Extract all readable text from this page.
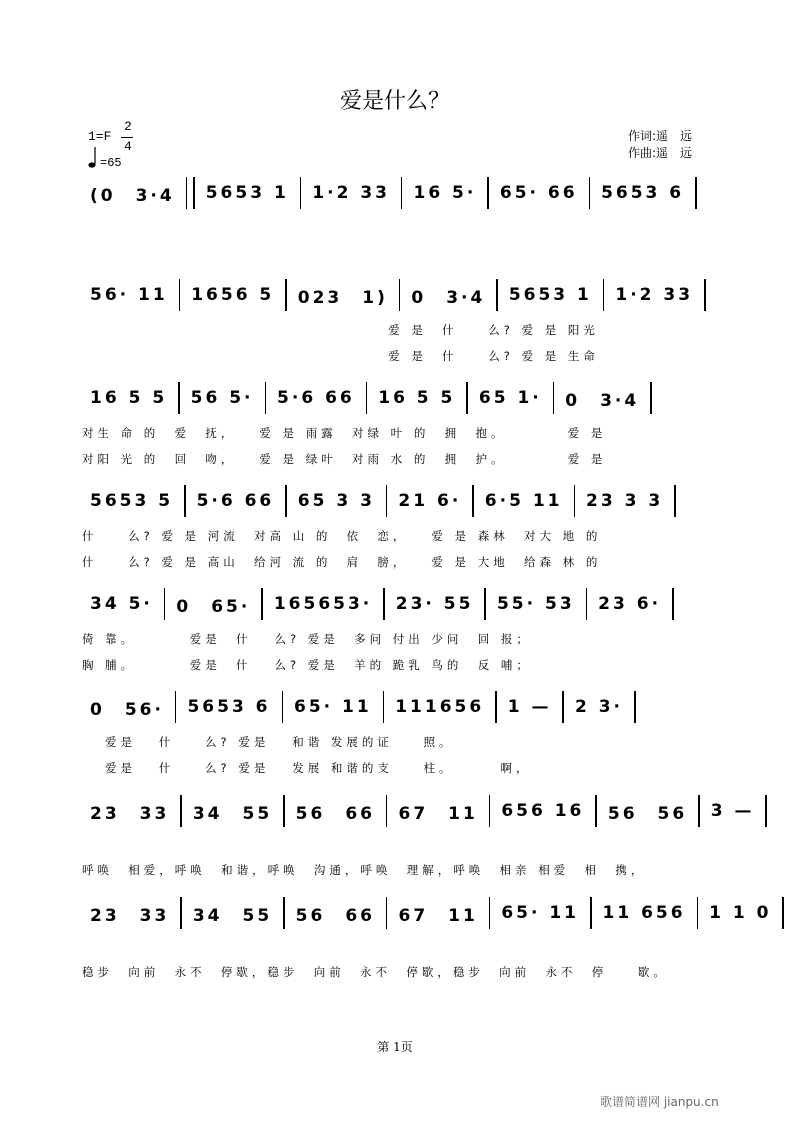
爱是什么？
1=F
2
4
=65
作词:遥　远
作曲:遥　远
(0　3·4	5653 1	1·2 33	16 5·	65· 66	5653 6
56· 11	1656 5	023　1)	0　3·4	5653 1	1·2 33
爱 是  什    么? 爱 是 阳光
爱 是  什    么? 爱 是 生命
16 5 5	56 5·	5·6 66	16 5 5	65 1·	0　3·4
对生 命 的  爱  抚，   爱 是 雨露  对绿 叶 的  拥  抱。        爱 是
对阳 光 的  回  吻，   爱 是 绿叶  对雨 水 的  拥  护。        爱 是
5653 5	5·6 66	65 3 3	21 6·	6·5 11	23 3 3
什    么? 爱 是 河流  对高 山 的  依  恋，   爱 是 森林  对大 地 的
什    么? 爱 是 高山  给河 流 的  肩  膀，   爱 是 大地  给森 林 的
34 5·	0　65·	165653·	23· 55	55· 53	23 6·
倚 靠。       爱是  什   么? 爱是  多问 付出 少问  回 报；
胸 脯。       爱是  什   么? 爱是  羊的 跪乳 鸟的  反 哺；
0　56·	5653 6	65· 11	111656	1 —	2 3·
爱是   什    么? 爱是   和谐 发展的证    照。
爱是   什    么? 爱是   发展 和谐的支    柱。      啊，
23　33	34　55	56　66	67　11	656 16	56　56	3 —
呼唤  相爱，呼唤  和谐，呼唤  沟通，呼唤  理解，呼唤  相亲 相爱  相  携，
23　33	34　55	56　66	67　11	65· 11	11 656	1 1 0
稳步  向前  永不  停歇，稳步  向前  永不  停歇，稳步  向前  永不  停    歇。
第 1页
歌谱简谱网 jianpu.cn
